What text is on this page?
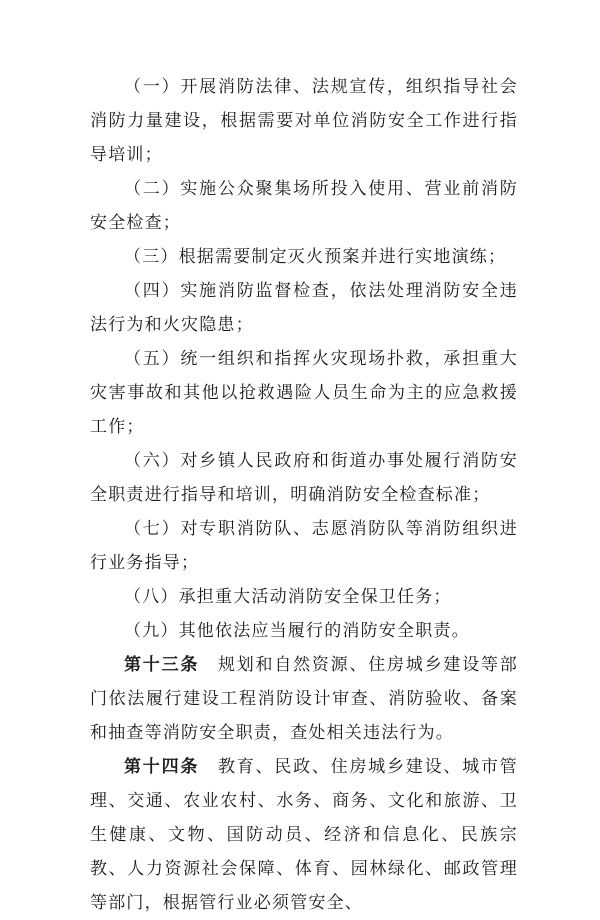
（一）开展消防法律、法规宣传，组织指导社会消防力量建设，根据需要对单位消防安全工作进行指导培训；

（二）实施公众聚集场所投入使用、营业前消防安全检查；

（三）根据需要制定灭火预案并进行实地演练；

（四）实施消防监督检查，依法处理消防安全违法行为和火灾隐患；

（五）统一组织和指挥火灾现场扑救，承担重大灾害事故和其他以抢救遇险人员生命为主的应急救援工作；

（六）对乡镇人民政府和街道办事处履行消防安全职责进行指导和培训，明确消防安全检查标准；

（七）对专职消防队、志愿消防队等消防组织进行业务指导；

（八）承担重大活动消防安全保卫任务；

（九）其他依法应当履行的消防安全职责。

第十三条　 规划和自然资源、住房城乡建设等部门依法履行建设工程消防设计审查、消防验收、备案和抽查等消防安全职责，查处相关违法行为。

第十四条　 教育、民政、住房城乡建设、城市管理、交通、农业农村、水务、商务、文化和旅游、卫生健康、文物、国防动员、经济和信息化、民族宗教、人力资源社会保障、体育、园林绿化、邮政管理等部门，根据管行业必须管安全、
